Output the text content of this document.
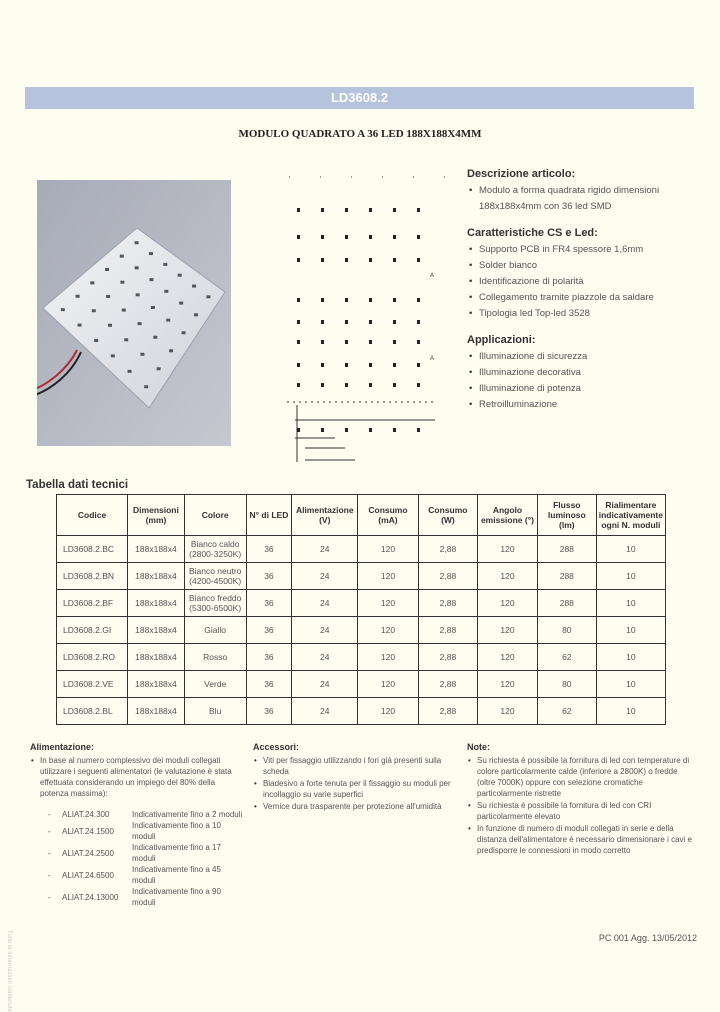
LD3608.2
MODULO QUADRATO A 36 LED 188X188X4MM
A
A
Descrizione articolo:
• Modulo a forma quadrata rigido dimensioni 188x188x4mm con 36 led SMD
Caratteristiche CS e Led:
• Supporto PCB in FR4 spessore 1,6mm
• Solder bianco
• Identificazione di polarità
• Collegamento tramite piazzole da saldare
• Tipologia led Top-led 3528
Applicazioni:
• Illuminazione di sicurezza
• Illuminazione decorativa
• Illuminazione di potenza
• Retroilluminazione
Tabella dati tecnici
Codice	Dimensioni (mm)	Colore	N° di LED	Alimentazione (V)	Consumo (mA)	Consumo (W)	Angolo emissione (°)	Flusso luminoso (lm)	Rialimentare indicativamente ogni N. moduli
LD3608.2.BC	188x188x4	Bianco caldo (2800-3250K)	36	24	120	2,88	120	288	10
LD3608.2.BN	188x188x4	Bianco neutro (4200-4500K)	36	24	120	2,88	120	288	10
LD3608.2.BF	188x188x4	Bianco freddo (5300-6500K)	36	24	120	2,88	120	288	10
LD3608.2.GI	188x188x4	Giallo	36	24	120	2,88	120	80	10
LD3608.2.RO	188x188x4	Rosso	36	24	120	2,88	120	62	10
LD3608.2.VE	188x188x4	Verde	36	24	120	2,88	120	80	10
LD3608.2.BL	188x188x4	Blu	36	24	120	2,88	120	62	10
Alimentazione:
• In base al numero complessivo dei moduli collegati utilizzare i seguenti alimentatori (le valutazione è stata effettuata considerando un impiego del 80% della potenza massima):
-	ALIAT.24.300	Indicativamente fino a 2 moduli
-	ALIAT.24.1500	Indicativamente fino a 10 moduli
-	ALIAT.24.2500	Indicativamente fino a 17 moduli
-	ALIAT.24.6500	Indicativamente fino a 45 moduli
-	ALIAT.24.13000	Indicativamente fino a 90 moduli
Accessori:
• Viti per fissaggio utilizzando i fori già presenti sulla scheda
• Biadesivo a forte tenuta per il fissaggio su moduli per incollaggio su varie superfici
• Vernice dura trasparente per protezione all'umidità
Note:
• Su richiesta è possibile la fornitura di led con temperature di colore particolarmente calde (inferiore a 2800K) o fredde (oltre 7000K) oppure con selezione cromatiche particolarmente ristrette
• Su richiesta è possibile la fornitura di led con CRI particolarmente elevato
• In funzione di numero di moduli collegati in serie e della distanza dell'alimentatore è necessario dimensionare i cavi e predisporre le connessioni in modo corretto
PC 001 Agg. 13/05/2012
Tutte le informazioni contenute
